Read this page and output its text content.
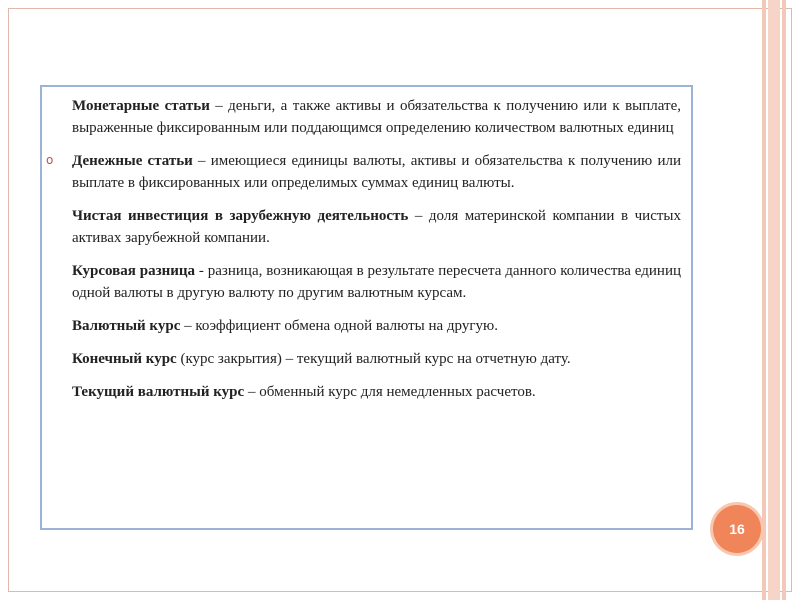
Монетарные статьи – деньги, а также активы и обязательства к получению или к выплате, выраженные фиксированным или поддающимся определению количеством валютных единиц
o Денежные статьи – имеющиеся единицы валюты, активы и обязательства к получению или выплате в фиксированных или определимых суммах единиц валюты.
Чистая инвестиция в зарубежную деятельность – доля материнской компании в чистых активах зарубежной компании.
Курсовая разница - разница, возникающая в результате пересчета данного количества единиц одной валюты в другую валюту по другим валютным курсам.
Валютный курс – коэффициент обмена одной валюты на другую.
Конечный курс (курс закрытия) – текущий валютный курс на отчетную дату.
Текущий валютный курс – обменный курс для немедленных расчетов.
16
